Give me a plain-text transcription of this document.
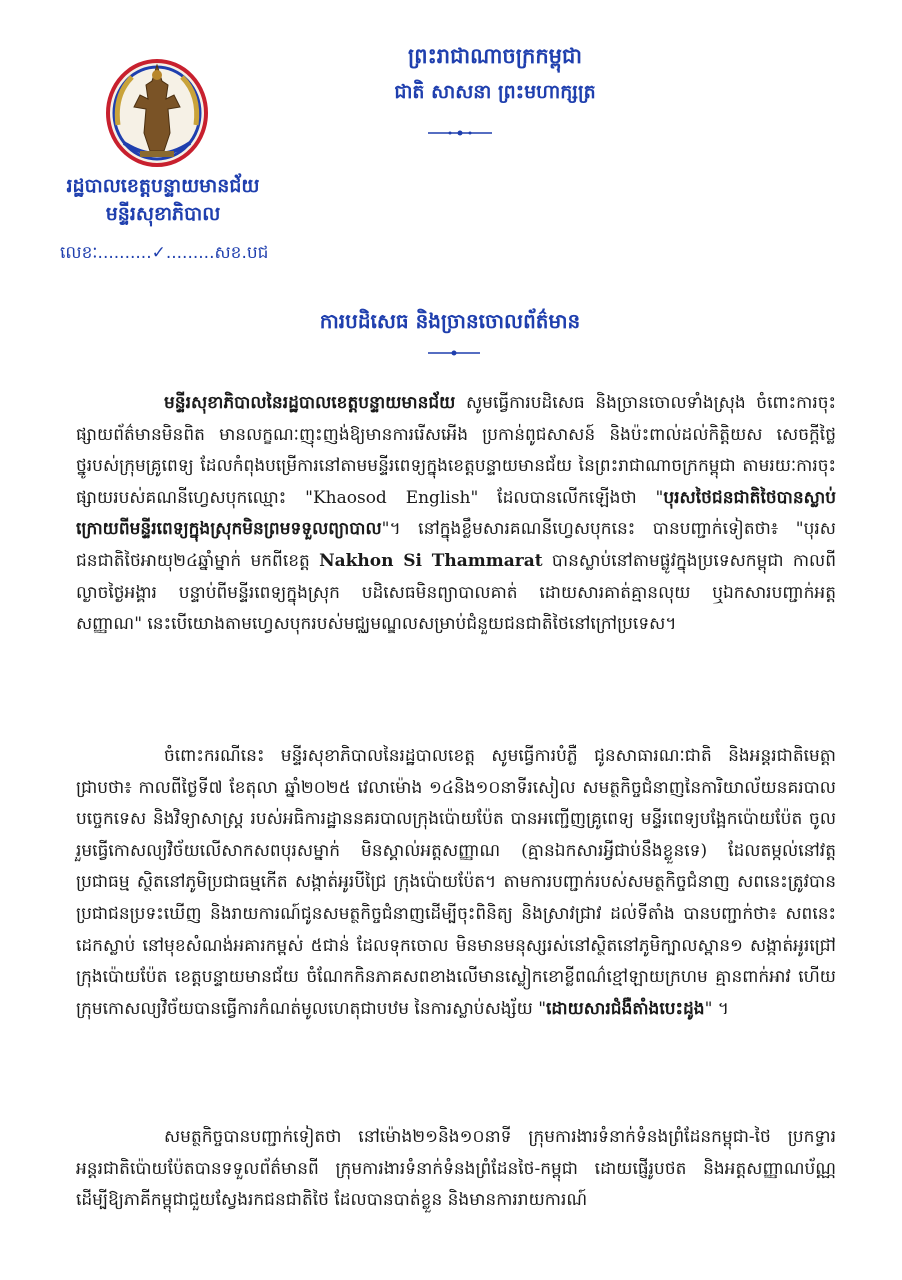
រដ្ឋបាលខេត្តបន្ទាយមានជ័យ
មន្ទីរសុខាភិបាល
លេខៈ..........✓.........សខ.បជ
ព្រះរាជាណាចក្រកម្ពុជា
ជាតិ សាសនា ព្រះមហាក្សត្រ
ការបដិសេធ និងច្រានចោលព័ត៌មាន
មន្ទីរសុខាភិបាលនៃរដ្ឋបាលខេត្តបន្ទាយមានជ័យ សូមធ្វើការបដិសេធ និងច្រានចោលទាំងស្រុង ចំពោះការចុះផ្សាយព័ត៌មានមិនពិត មានលក្ខណៈញុះញង់ឱ្យមានការរើសអើង ប្រកាន់ពូជសាសន៍ និងប៉ះពាល់ដល់កិត្តិយស សេចក្តីថ្លៃថ្នូរបស់ក្រុមគ្រូពេទ្យ ដែលកំពុងបម្រើការនៅតាមមន្ទីរពេទ្យក្នុងខេត្តបន្ទាយមានជ័យ នៃព្រះរាជាណាចក្រកម្ពុជា តាមរយៈការចុះផ្សាយរបស់គណនីហ្វេសបុកឈ្មោះ "Khaosod English" ដែលបានលើកឡើងថា "បុរសថៃជនជាតិថៃបានស្លាប់ ក្រោយពីមន្ទីរពេទ្យក្នុងស្រុកមិនព្រមទទួលព្យាបាល"។ នៅក្នុងខ្លឹមសារគណនីហ្វេសបុកនេះ បានបញ្ជាក់ទៀតថា៖ "បុរសជនជាតិថៃអាយុ២៤ឆ្នាំម្នាក់ មកពីខេត្ត Nakhon Si Thammarat បានស្លាប់នៅតាមផ្លូវក្នុងប្រទេសកម្ពុជា កាលពីល្ងាចថ្ងៃអង្គារ បន្ទាប់ពីមន្ទីរពេទ្យក្នុងស្រុក បដិសេធមិនព្យាបាលគាត់ ដោយសារគាត់គ្មានលុយ ឬឯកសារបញ្ជាក់អត្តសញ្ញាណ" នេះបើយោងតាមហ្វេសបុករបស់មជ្ឈមណ្ឌលសម្រាប់ជំនួយជនជាតិថៃនៅក្រៅប្រទេស។
ចំពោះករណីនេះ មន្ទីរសុខាភិបាលនៃរដ្ឋបាលខេត្ត សូមធ្វើការបំភ្លឺ ជូនសាធារណៈជាតិ និងអន្តរជាតិមេត្តាជ្រាបថា៖ កាលពីថ្ងៃទី៧ ខែតុលា ឆ្នាំ២០២៥ វេលាម៉ោង ១៤និង១០នាទីរសៀល សមត្ថកិច្ចជំនាញនៃការិយាល័យនគរបាលបច្ចេកទេស និងវិទ្យាសាស្ត្រ របស់អធិការដ្ឋាននគរបាលក្រុងប៉ោយប៉ែត បានអញ្ជើញគ្រូពេទ្យ មន្ទីរពេទ្យបង្អែកប៉ោយប៉ែត ចូលរួមធ្វើកោសល្យវិច័យលើសាកសពបុរសម្នាក់ មិនស្គាល់អត្តសញ្ញាណ (គ្មានឯកសារអ្វីជាប់នឹងខ្លួនទេ) ដែលតម្កល់នៅវត្តប្រជាធម្ម ស្ថិតនៅភូមិប្រជាធម្មកើត សង្កាត់អូរបីជ្រៃ ក្រុងប៉ោយប៉ែត។ តាមការបញ្ជាក់របស់សមត្ថកិច្ចជំនាញ សពនេះត្រូវបានប្រជាជនប្រទះឃើញ និងរាយការណ៍ជូនសមត្ថកិច្ចជំនាញដើម្បីចុះពិនិត្យ និងស្រាវជ្រាវ ដល់ទីតាំង បានបញ្ជាក់ថា៖ សពនេះដេកស្លាប់ នៅមុខសំណង់អគារកម្ពស់ ៥ជាន់ ដែលទុកចោល មិនមានមនុស្សរស់នៅស្ថិតនៅភូមិក្បាលស្ពាន១ សង្កាត់អូរជ្រៅ ក្រុងប៉ោយប៉ែត ខេត្តបន្ទាយមានជ័យ ចំណែកកិនភាគសពខាងលើមានស្លៀកខោខ្លីពណ៌ខ្មៅឡាយក្រហម គ្មានពាក់អាវ ហើយក្រុមកោសល្យវិច័យបានធ្វើការកំណត់មូលហេតុជាបឋម នៃការស្លាប់សង្ស័យ "ដោយសារជំងឺតាំងបេះដូង" ។
សមត្ថកិច្ចបានបញ្ជាក់ទៀតថា នៅម៉ោង២១និង១០នាទី ក្រុមការងារទំនាក់ទំនងព្រំដែនកម្ពុជា-ថៃ ប្រកទ្វារអន្តរជាតិប៉ោយប៉ែតបានទទួលព័ត៌មានពី ក្រុមការងារទំនាក់ទំនងព្រំដែនថៃ-កម្ពុជា ដោយផ្ញើរូបថត និងអត្តសញ្ញាណប័ណ្ណ ដើម្បីឱ្យភាគីកម្ពុជាជួយស្វែងរកជនជាតិថៃ ដែលបានបាត់ខ្លួន និងមានការរាយការណ៍
